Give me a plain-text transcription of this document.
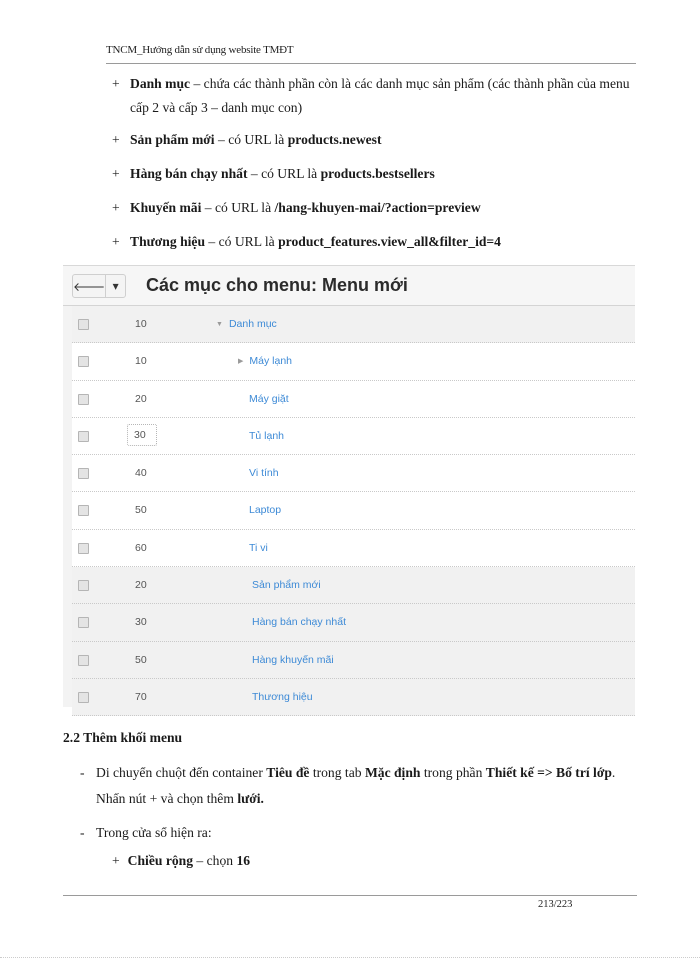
TNCM_Hướng dẫn sử dụng website TMĐT
+ Danh mục – chứa các thành phần còn là các danh mục sản phẩm (các thành phần của menu cấp 2 và cấp 3 – danh mục con)
+ Sản phẩm mới – có URL là products.newest
+ Hàng bán chạy nhất – có URL là products.bestsellers
+ Khuyến mãi – có URL là /hang-khuyen-mai/?action=preview
+ Thương hiệu – có URL là product_features.view_all&filter_id=4
🡐 ▾ Các mục cho menu: Menu mới
10	▼ Danh mục
10	▶ Máy lạnh
20	Máy giặt
30	Tủ lạnh
40	Vi tính
50	Laptop
60	Ti vi
20	Sản phẩm mới
30	Hàng bán chạy nhất
50	Hàng khuyến mãi
70	Thương hiệu
2.2 Thêm khối menu
- Di chuyển chuột đến container Tiêu đề trong tab Mặc định trong phần Thiết kế => Bố trí lớp. Nhấn nút + và chọn thêm lưới.
- Trong cửa sổ hiện ra:
+ Chiều rộng – chọn 16
213/223
